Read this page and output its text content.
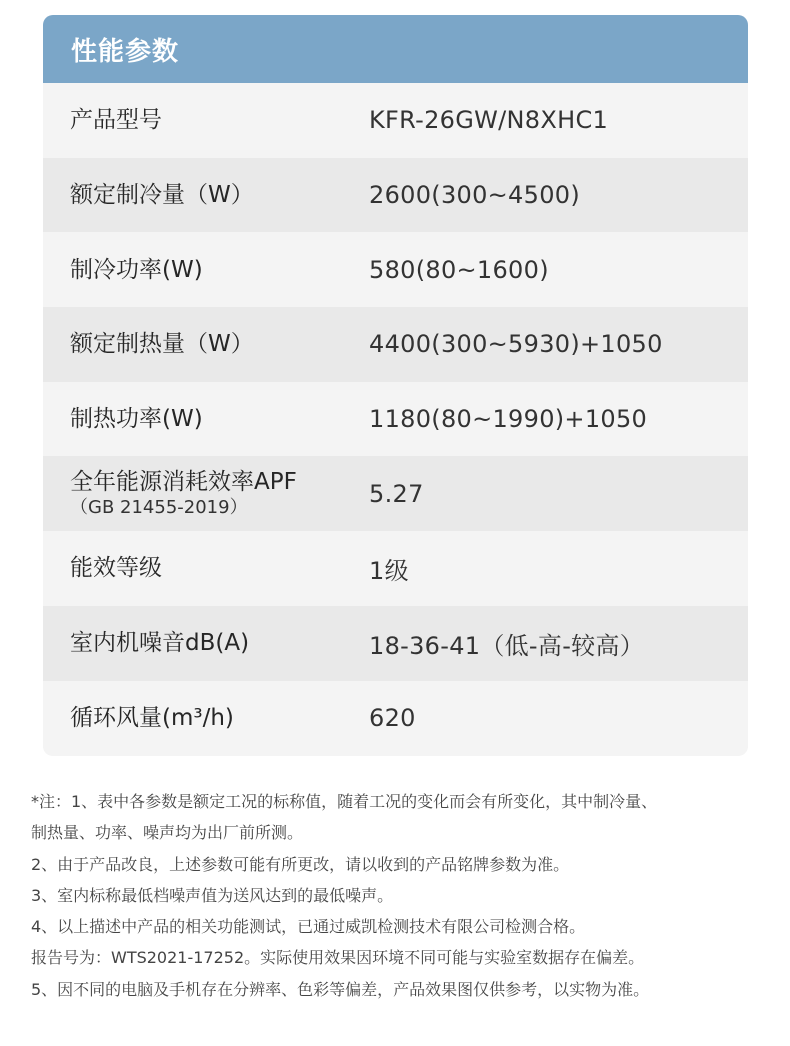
性能参数
产品型号	KFR-26GW/N8XHC1
额定制冷量（W）	2600(300~4500)
制冷功率(W)	580(80~1600)
额定制热量（W）	4400(300~5930)+1050
制热功率(W)	1180(80~1990)+1050
全年能源消耗效率APF
（GB 21455-2019）	5.27
能效等级	1级
室内机噪音dB(A)	18-36-41（低-高-较高）
循环风量(m³/h)	620
*注：1、表中各参数是额定工况的标称值，随着工况的变化而会有所变化，其中制冷量、
制热量、功率、噪声均为出厂前所测。
2、由于产品改良，上述参数可能有所更改，请以收到的产品铭牌参数为准。
3、室内标称最低档噪声值为送风达到的最低噪声。
4、以上描述中产品的相关功能测试，已通过威凯检测技术有限公司检测合格。
报告号为：WTS2021-17252。实际使用效果因环境不同可能与实验室数据存在偏差。
5、因不同的电脑及手机存在分辨率、色彩等偏差，产品效果图仅供参考，以实物为准。
